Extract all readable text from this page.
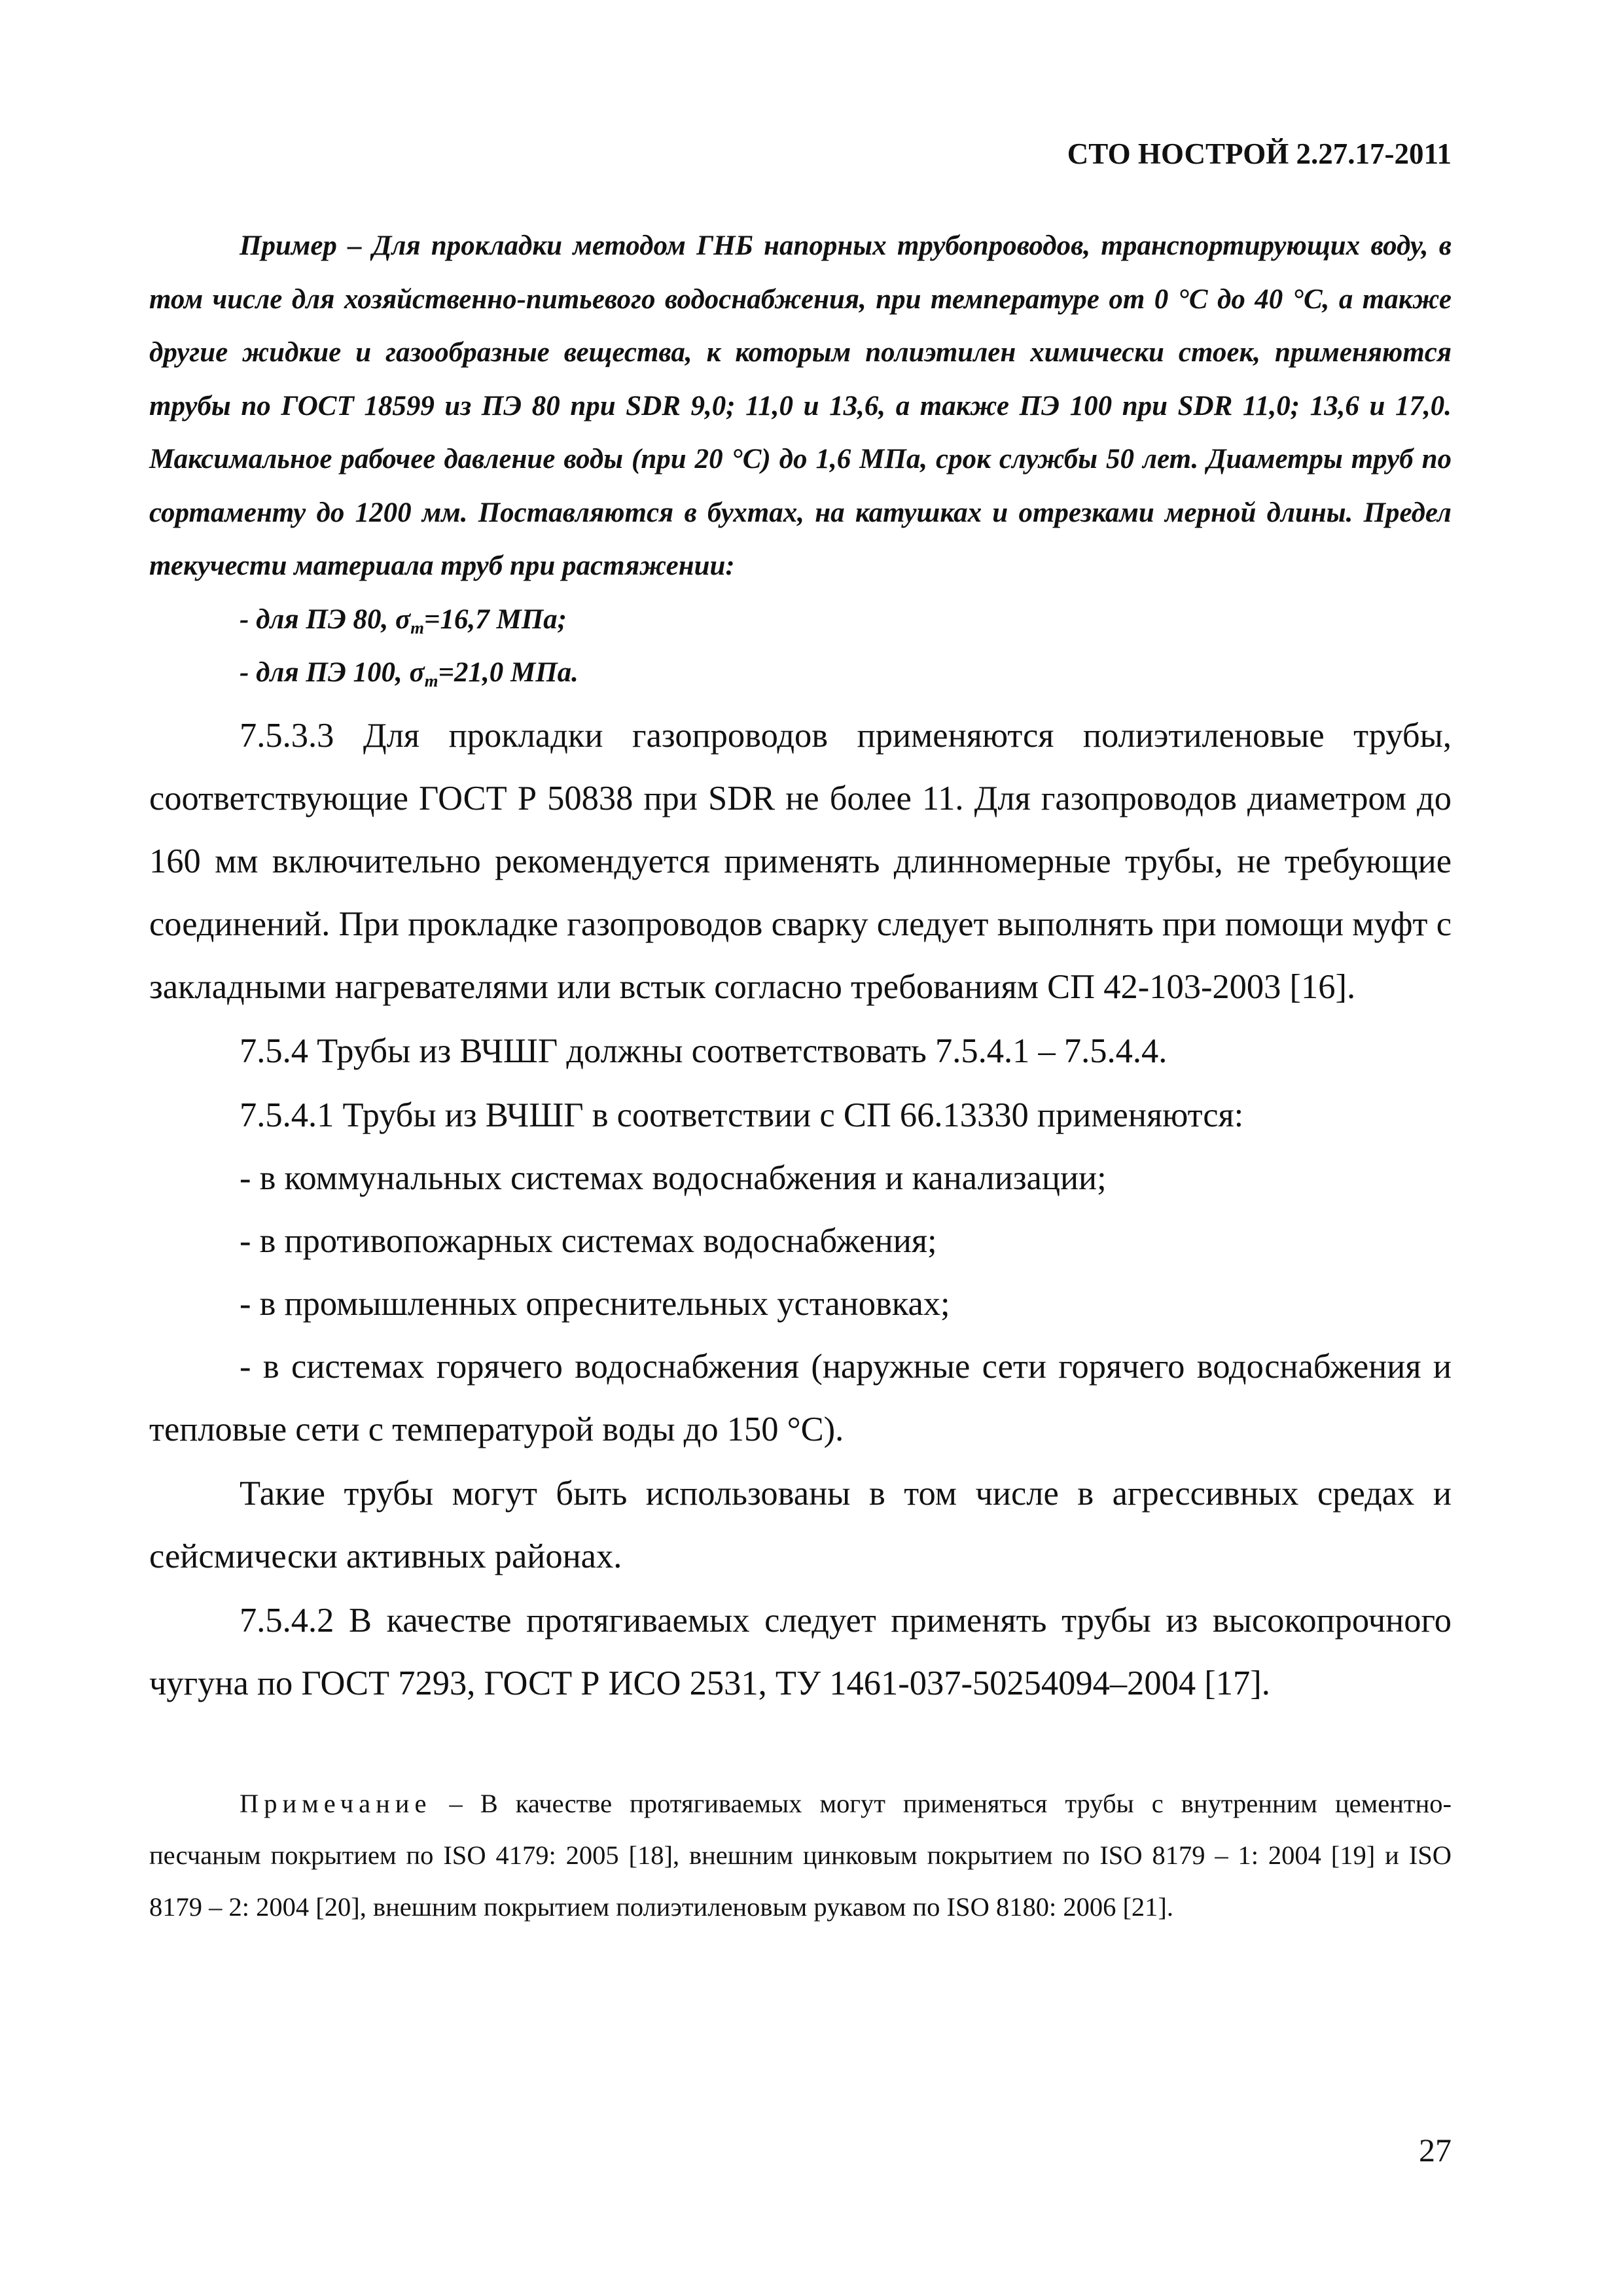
СТО НОСТРОЙ 2.27.17-2011

Пример – Для прокладки методом ГНБ напорных трубопроводов, транспортирующих воду, в том числе для хозяйственно-питьевого водоснабжения, при температуре от 0 °С до 40 °С, а также другие жидкие и газообразные вещества, к которым полиэтилен химически стоек, применяются трубы по ГОСТ 18599 из ПЭ 80 при SDR 9,0; 11,0 и 13,6, а также ПЭ 100 при SDR 11,0; 13,6 и 17,0. Максимальное рабочее давление воды (при 20 °С) до 1,6 МПа, срок службы 50 лет. Диаметры труб по сортаменту до 1200 мм. Поставляются в бухтах, на катушках и отрезками мерной длины. Предел текучести материала труб при растяжении:

- для ПЭ 80, $\sigma_т=16,7$ МПа;

- для ПЭ 100, $\sigma_т=21,0$ МПа.

7.5.3.3 Для прокладки газопроводов применяются полиэтиленовые трубы, соответствующие ГОСТ Р 50838 при SDR не более 11. Для газопроводов диаметром до 160 мм включительно рекомендуется применять длинномерные трубы, не требующие соединений. При прокладке газопроводов сварку следует выполнять при помощи муфт с закладными нагревателями или встык согласно требованиям СП 42-103-2003 [16].

7.5.4 Трубы из ВЧШГ должны соответствовать 7.5.4.1 – 7.5.4.4.

7.5.4.1 Трубы из ВЧШГ в соответствии с СП 66.13330 применяются:

- в коммунальных системах водоснабжения и канализации;

- в противопожарных системах водоснабжения;

- в промышленных опреснительных установках;

- в системах горячего водоснабжения (наружные сети горячего водоснабжения и тепловые сети с температурой воды до 150 °С).

Такие трубы могут быть использованы в том числе в агрессивных средах и сейсмически активных районах.

7.5.4.2 В качестве протягиваемых следует применять трубы из высокопрочного чугуна по ГОСТ 7293, ГОСТ Р ИСО 2531, ТУ 1461-037-50254094–2004 [17].

Примечание – В качестве протягиваемых могут применяться трубы с внутренним цементно-песчаным покрытием по ISO 4179: 2005 [18], внешним цинковым покрытием по ISO 8179 – 1: 2004 [19] и ISO 8179 – 2: 2004 [20], внешним покрытием полиэтиленовым рукавом по ISO 8180: 2006 [21].
27
